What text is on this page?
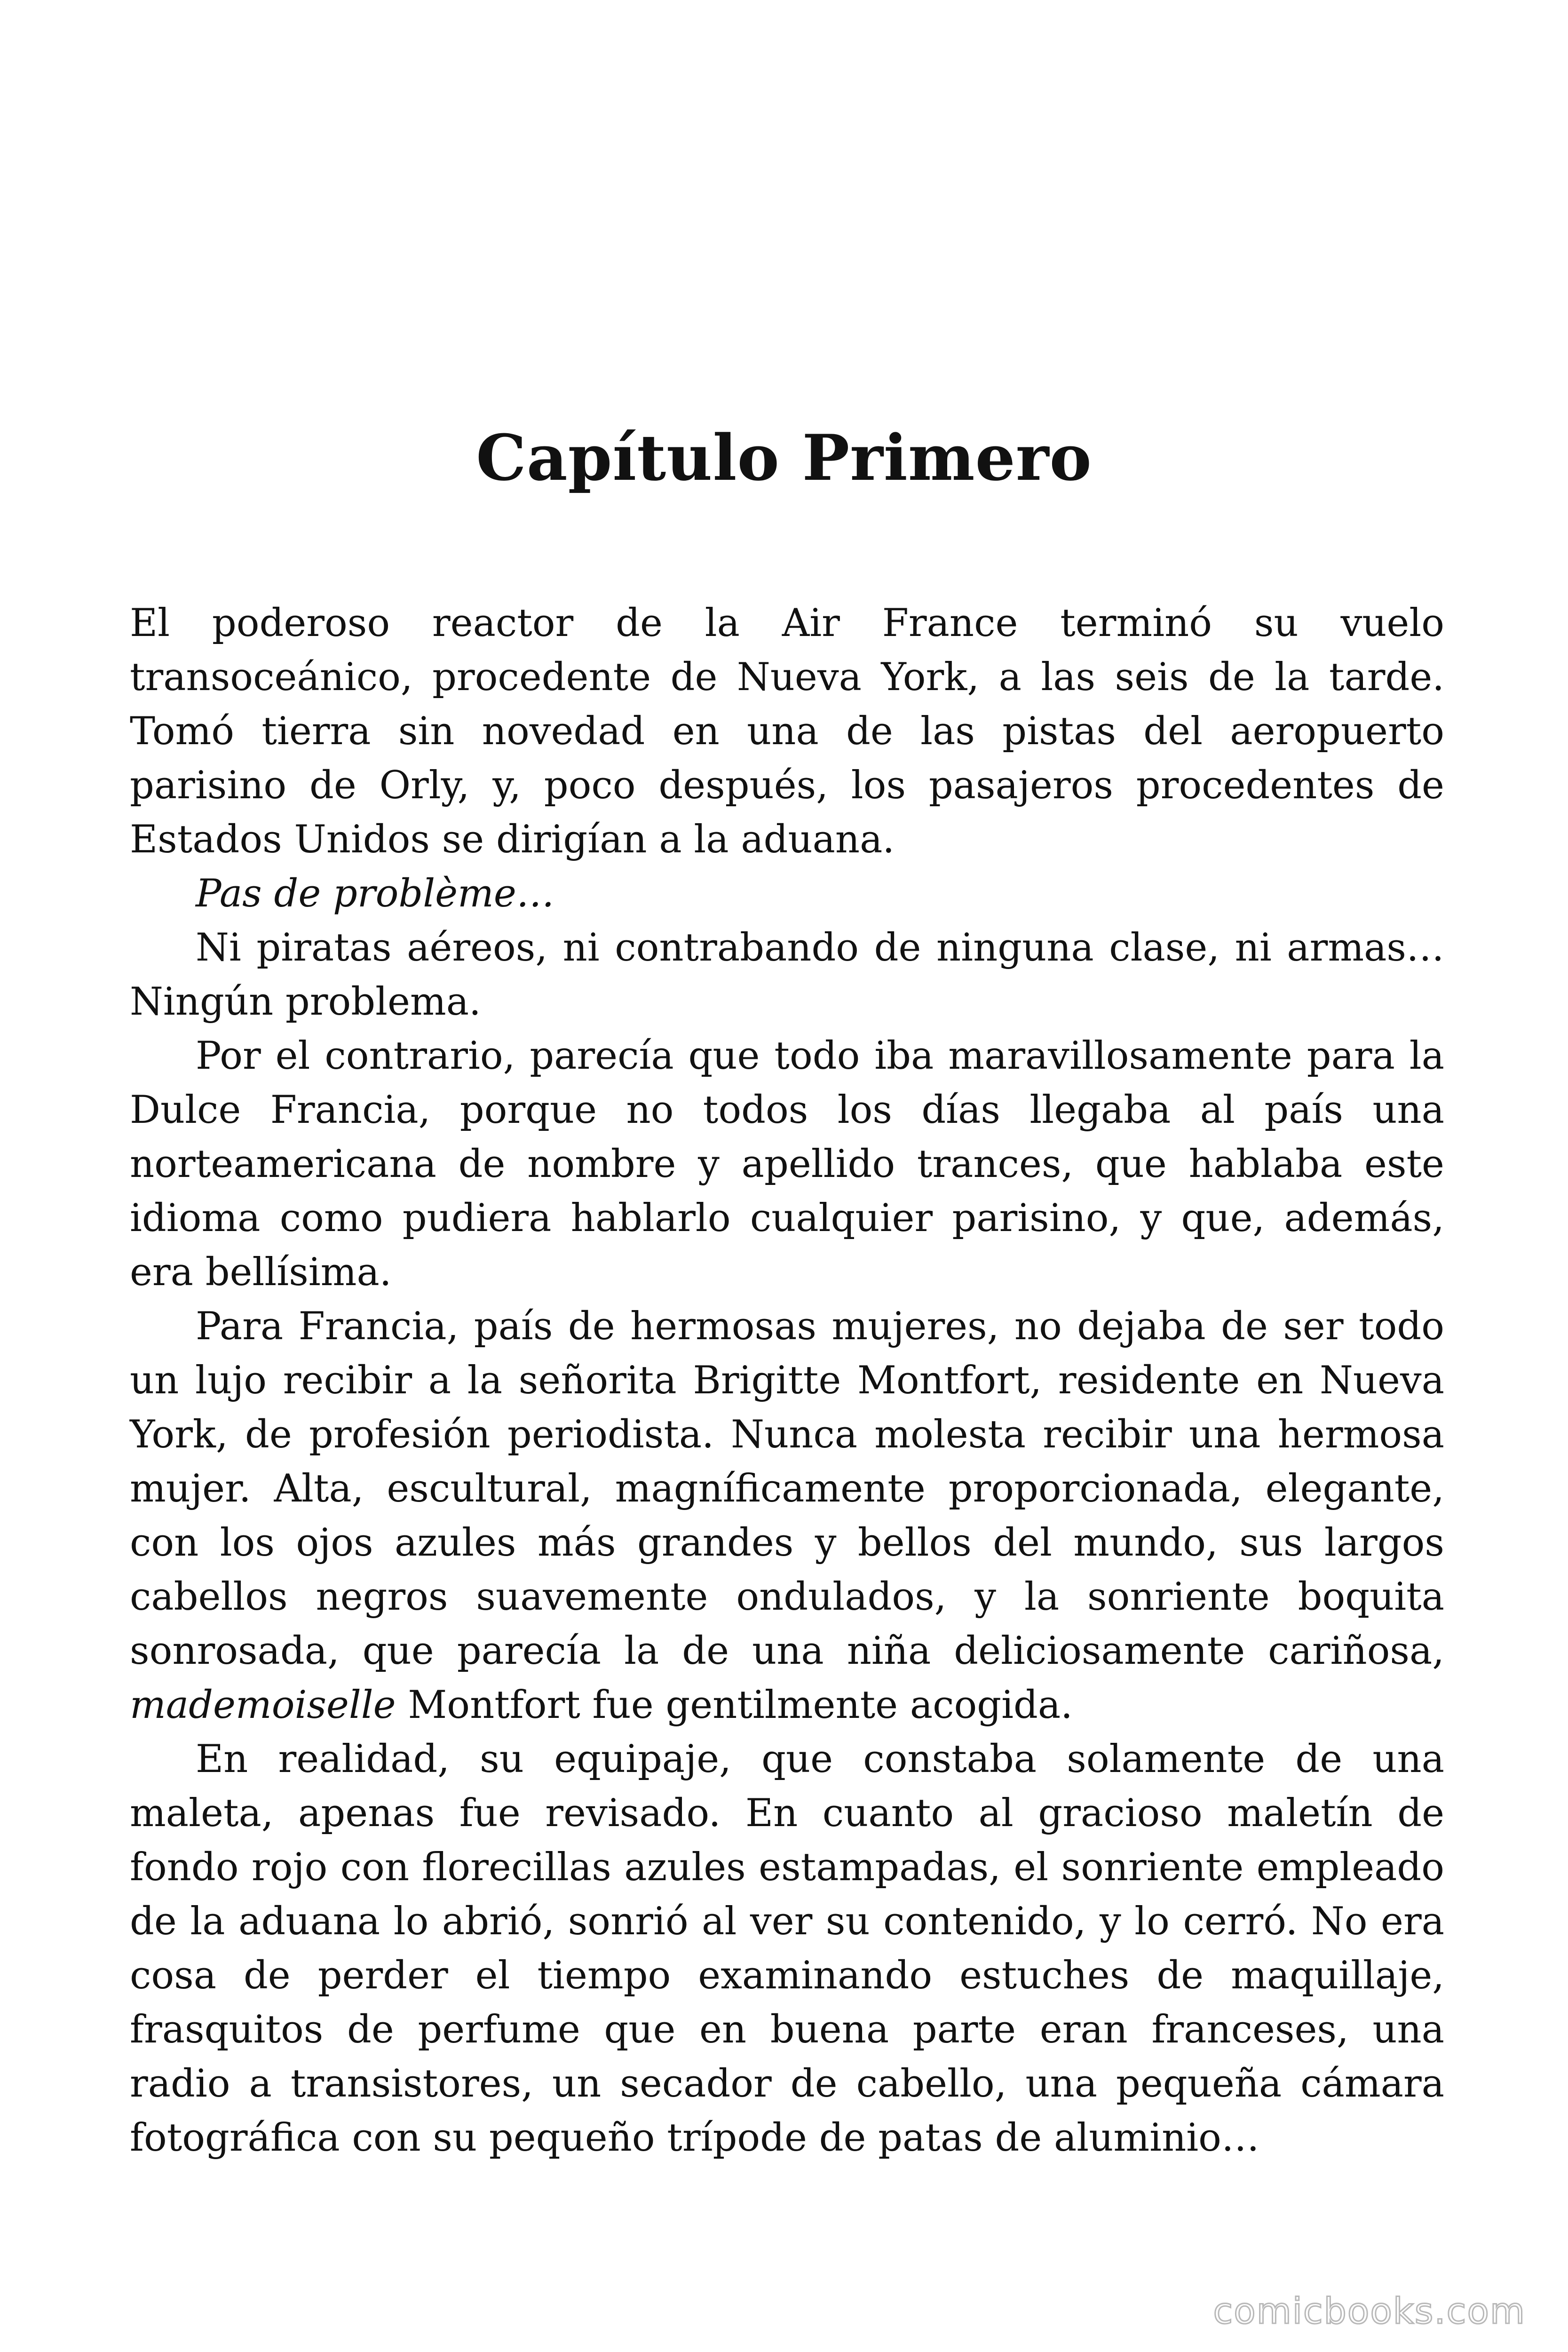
Capítulo Primero

El poderoso reactor de la Air France terminó su vuelo transoceánico, procedente de Nueva York, a las seis de la tarde. Tomó tierra sin novedad en una de las pistas del aeropuerto parisino de Orly, y, poco después, los pasajeros procedentes de Estados Unidos se dirigían a la aduana.

Pas de problème…

Ni piratas aéreos, ni contrabando de ninguna clase, ni armas… Ningún problema.

Por el contrario, parecía que todo iba maravillosamente para la Dulce Francia, porque no todos los días llegaba al país una norteamericana de nombre y apellido trances, que hablaba este idioma como pudiera hablarlo cualquier parisino, y que, además, era bellísima.

Para Francia, país de hermosas mujeres, no dejaba de ser todo un lujo recibir a la señorita Brigitte Montfort, residente en Nueva York, de profesión periodista. Nunca molesta recibir una hermosa mujer. Alta, escultural, magníficamente proporcionada, elegante, con los ojos azules más grandes y bellos del mundo, sus largos cabellos negros suavemente ondulados, y la sonriente boquita sonrosada, que parecía la de una niña deliciosamente cariñosa, mademoiselle Montfort fue gentilmente acogida.

En realidad, su equipaje, que constaba solamente de una maleta, apenas fue revisado. En cuanto al gracioso maletín de fondo rojo con florecillas azules estampadas, el sonriente empleado de la aduana lo abrió, sonrió al ver su contenido, y lo cerró. No era cosa de perder el tiempo examinando estuches de maquillaje, frasquitos de perfume que en buena parte eran franceses, una radio a transistores, un secador de cabello, una pequeña cámara fotográfica con su pequeño trípode de patas de aluminio…

comicbooks.com
